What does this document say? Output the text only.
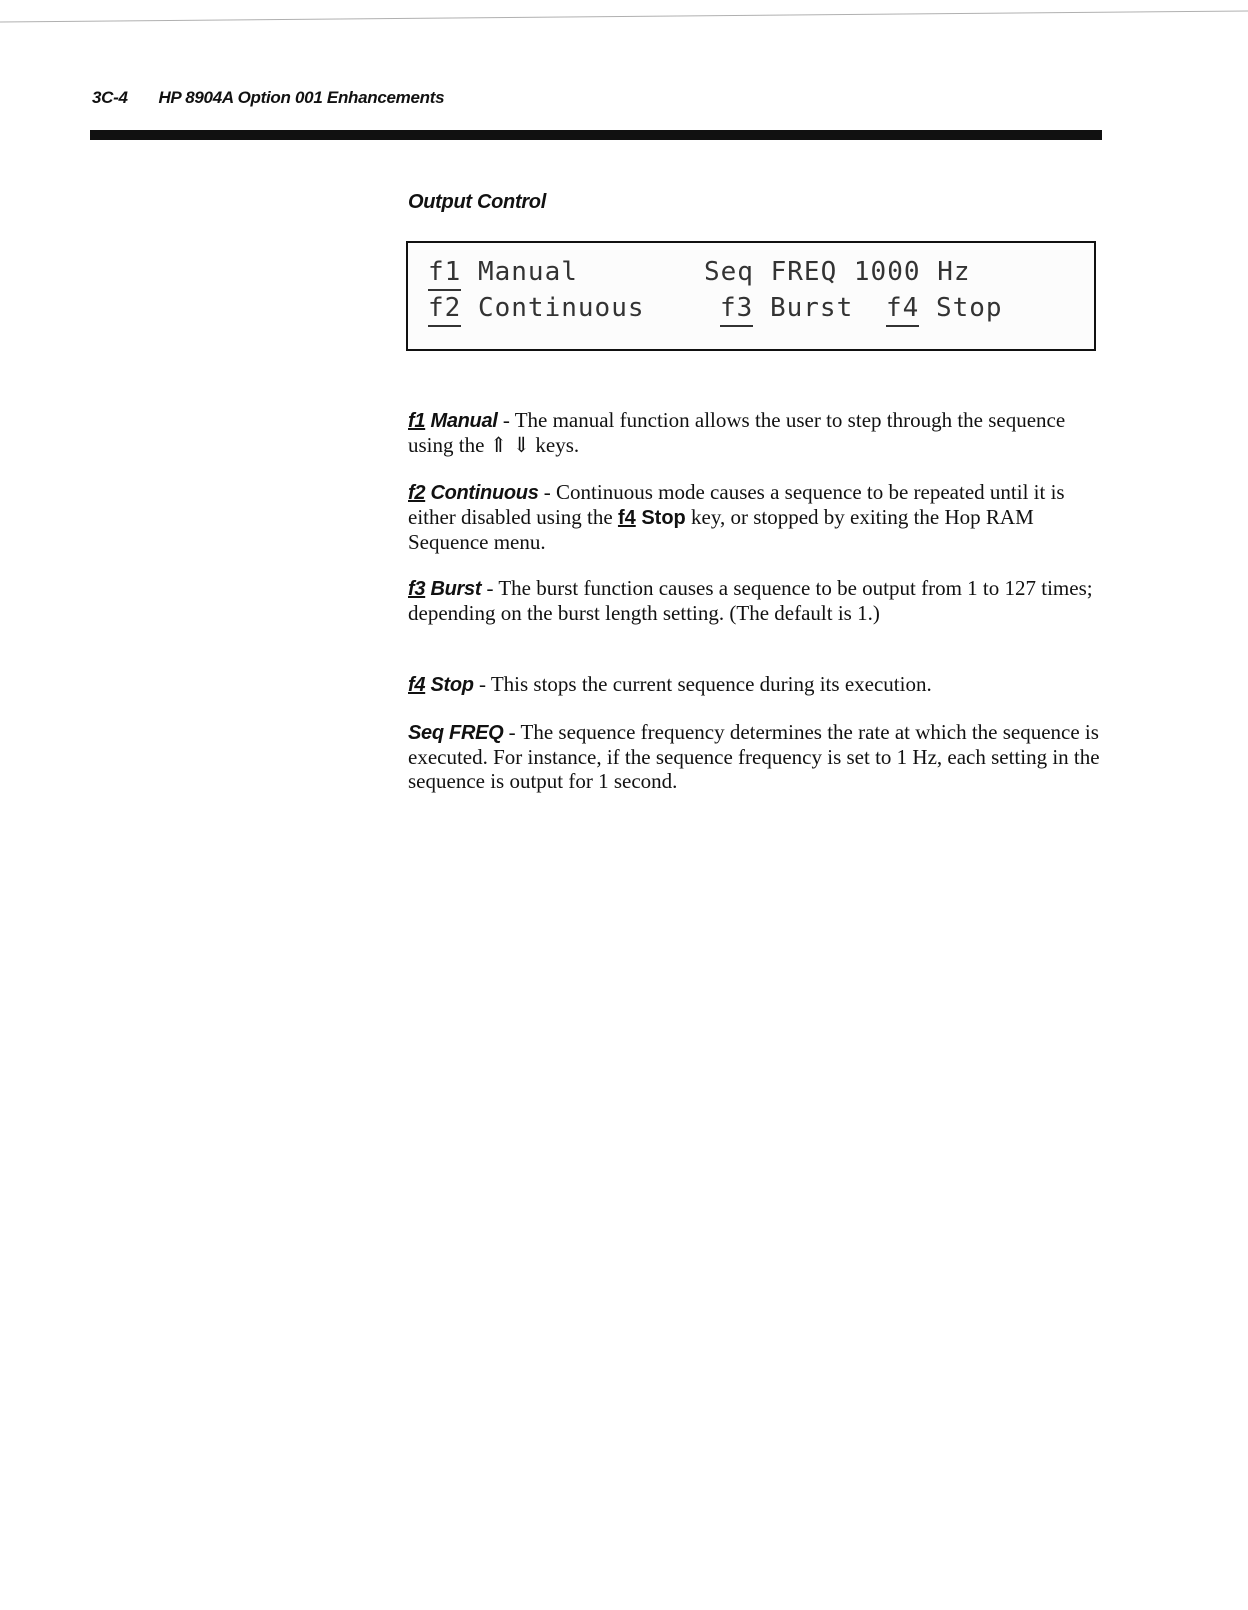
3C-4 HP 8904A Option 001 Enhancements
Output Control
f1 Manual	Seq FREQ 1000 Hz
f2 Continuous	f3 Burst f4 Stop

f1 Manual - The manual function allows the user to step through the sequence using the ⇑ ⇓ keys.

f2 Continuous - Continuous mode causes a sequence to be repeated until it is either disabled using the f4 Stop key, or stopped by exiting the Hop RAM Sequence menu.

f3 Burst - The burst function causes a sequence to be output from 1 to 127 times; depending on the burst length setting. (The default is 1.)

f4 Stop - This stops the current sequence during its execution.

Seq FREQ - The sequence frequency determines the rate at which the sequence is executed. For instance, if the sequence frequency is set to 1 Hz, each setting in the sequence is output for 1 second.
